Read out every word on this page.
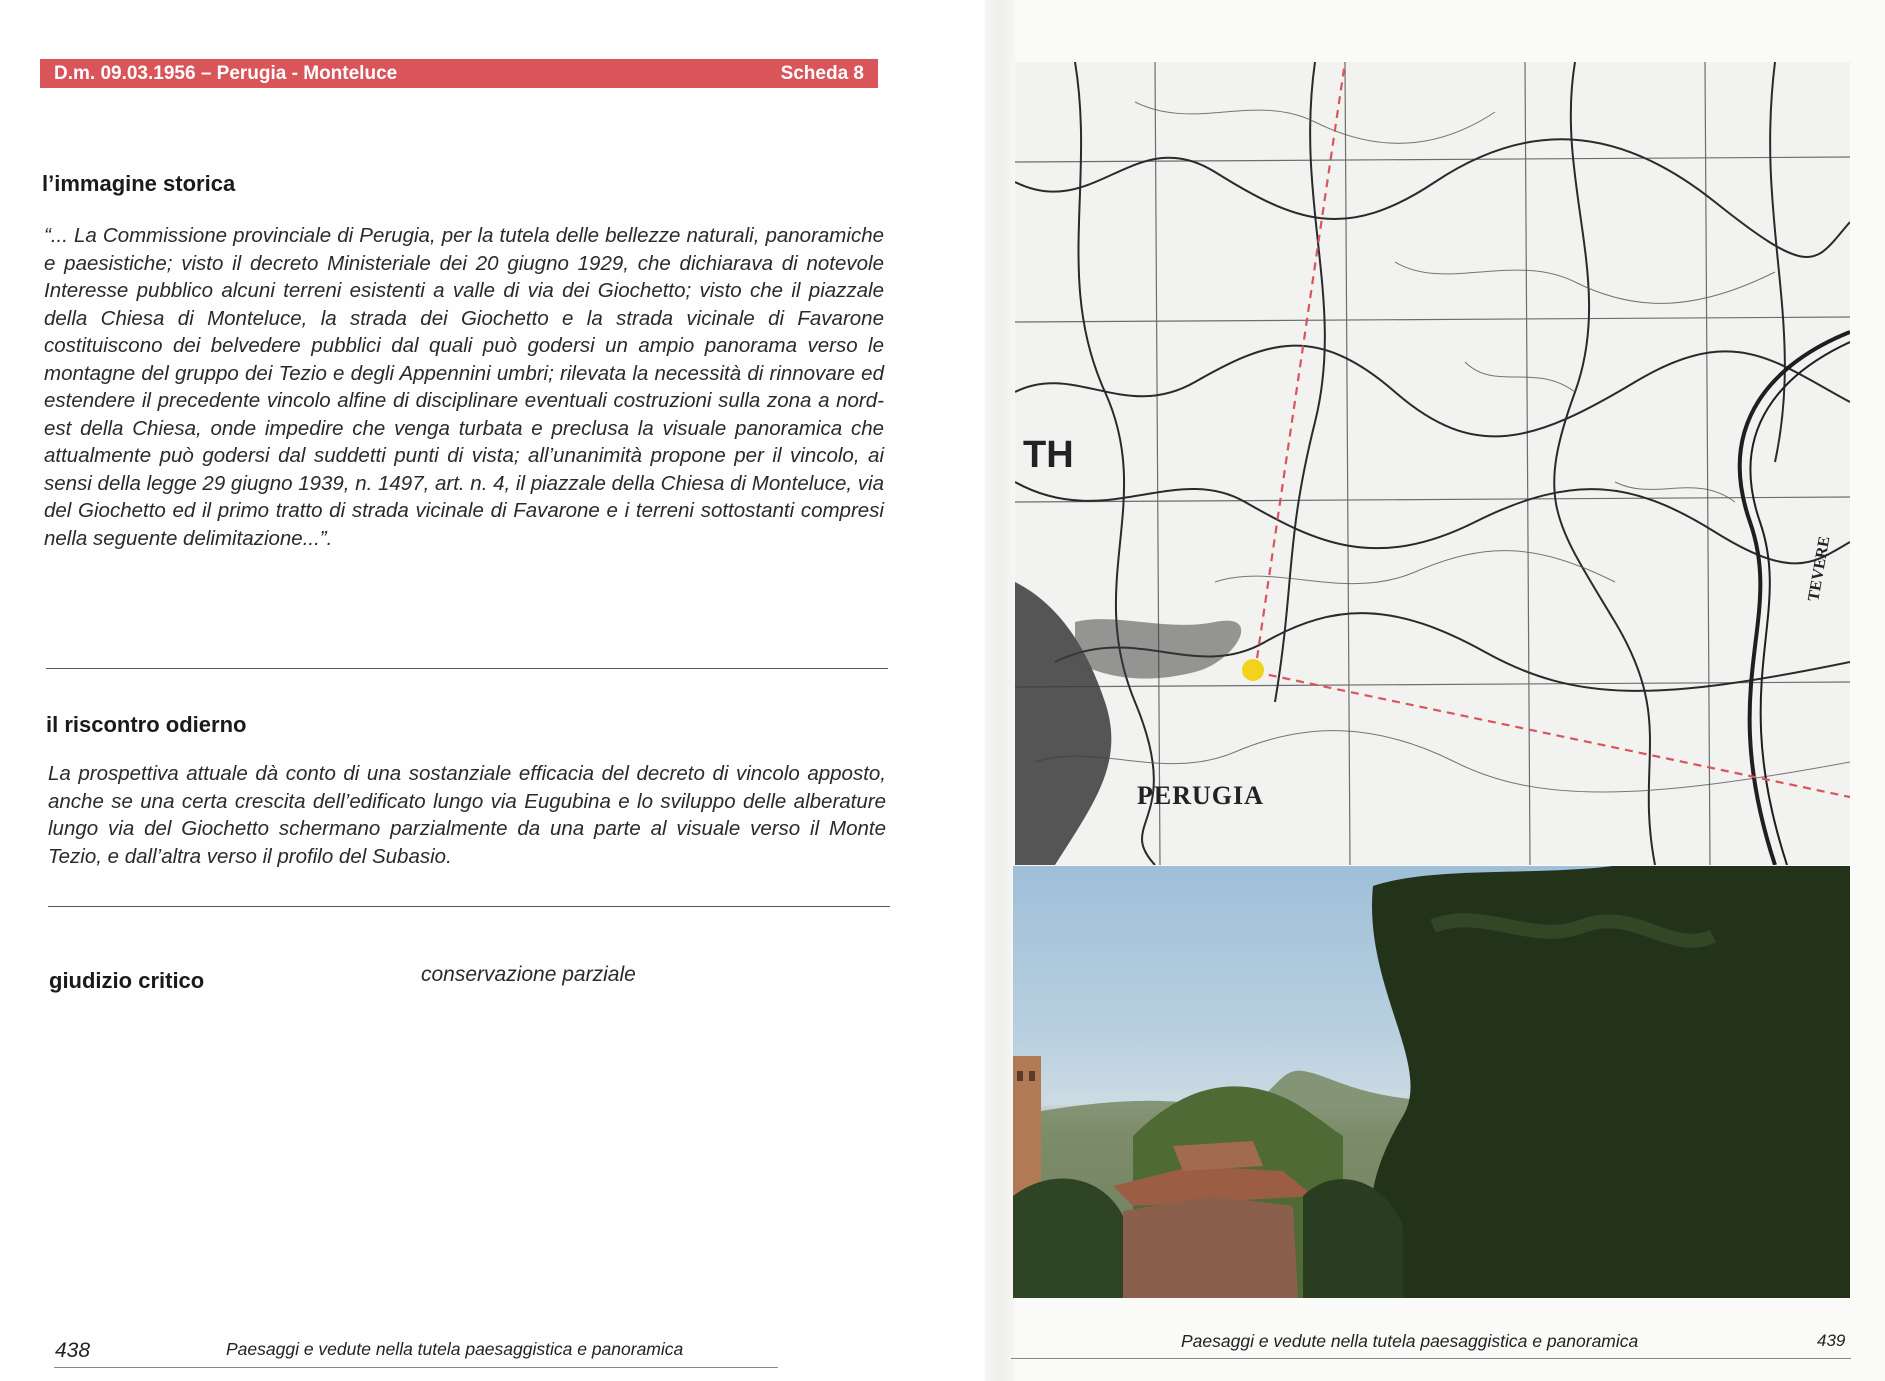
D.m. 09.03.1956 – Perugia - Monteluce	Scheda 8
l’immagine storica
“... La Commissione provinciale di Perugia, per la tutela delle bellezze naturali, panoramiche e paesistiche; visto il decreto Ministeriale dei 20 giugno 1929, che dichiarava di notevole Interesse pubblico alcuni terreni esistenti a valle di via dei Giochetto; visto che il piazzale della Chiesa di Monteluce, la strada dei Giochetto e la strada vicinale di Favarone costituiscono dei belvedere pubblici dal quali può godersi un ampio panorama verso le montagne del gruppo dei Tezio e degli Appennini umbri; rilevata la necessità di rinnovare ed estendere il precedente vincolo alfine di disciplinare eventuali costruzioni sulla zona a nord-est della Chiesa, onde impedire che venga turbata e preclusa la visuale panoramica che attualmente può godersi dal suddetti punti di vista; all’unanimità propone per il vincolo, ai sensi della legge 29 giugno 1939, n. 1497, art. n. 4, il piazzale della Chiesa di Monteluce, via del Giochetto ed il primo tratto di strada vicinale di Favarone e i terreni sottostanti compresi nella seguente delimitazione...”.
il riscontro odierno
La prospettiva attuale dà conto di una sostanziale efficacia del decreto di vincolo apposto, anche se una certa crescita dell’edificato lungo via Eugubina e lo sviluppo delle alberature lungo via del Giochetto schermano parzialmente da una parte al visuale verso il Monte Tezio, e dall’altra verso il profilo del Subasio.
giudizio critico	conservazione parziale
438	Paesaggi e vedute nella tutela paesaggistica e panoramica
TH
PERUGIA
TEVERE
Paesaggi e vedute nella tutela paesaggistica e panoramica	439
